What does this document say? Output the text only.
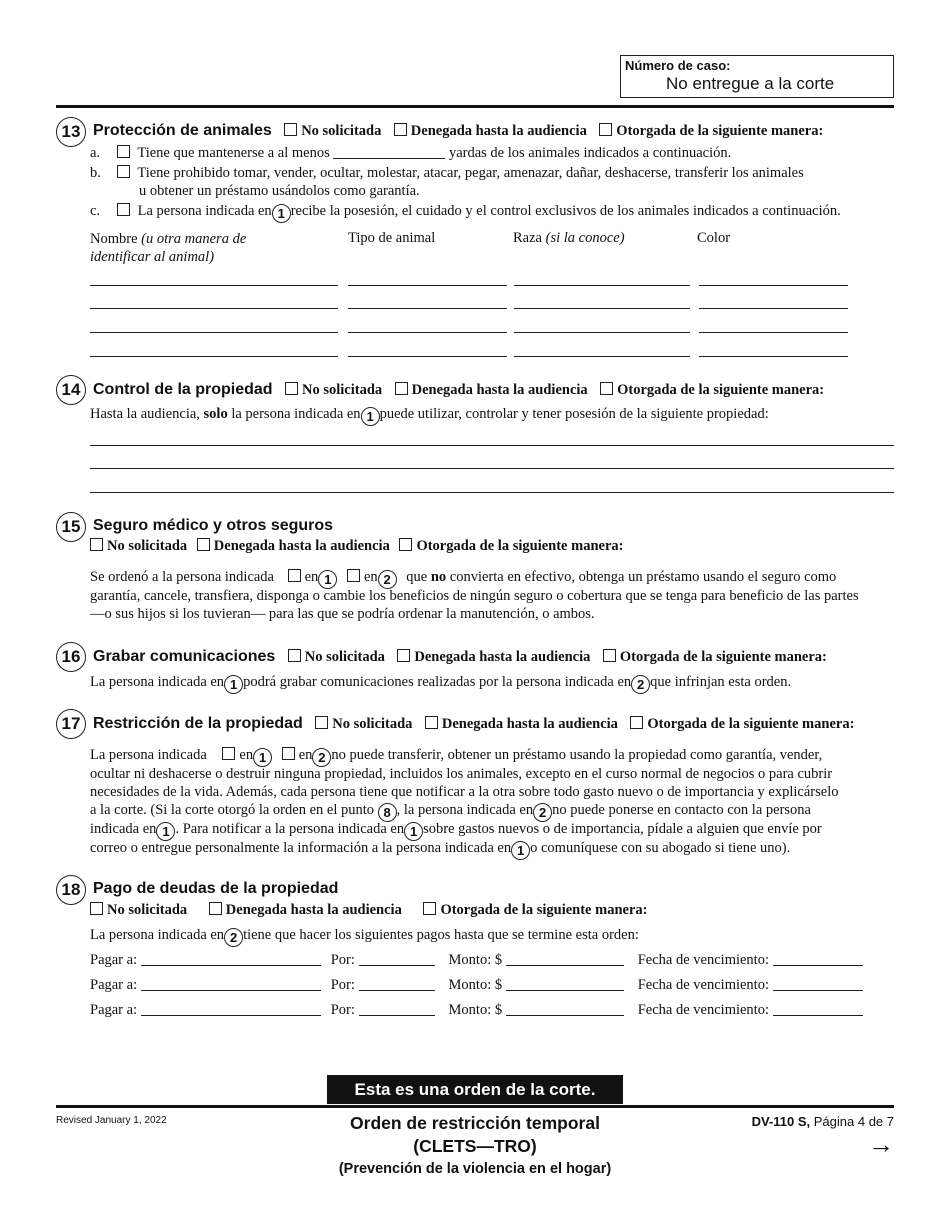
Número de caso:
No entregue a la corte
13 Protección de animales No solicitada Denegada hasta la audiencia Otorgada de la siguiente manera:
a.	Tiene que mantenerse a al menos	yardas de los animales indicados a continuación.
b.	Tiene prohibido tomar, vender, ocultar, molestar, atacar, pegar, amenazar, dañar, deshacerse, transferir los animales
u obtener un préstamo usándolos como garantía.
c.	La persona indicada en 1 recibe la posesión, el cuidado y el control exclusivos de los animales indicados a continuación.
Nombre (u otra manera de
identificar al animal)
Tipo de animal	Raza (si la conoce)	Color
14 Control de la propiedad No solicitada Denegada hasta la audiencia Otorgada de la siguiente manera:
Hasta la audiencia, solo la persona indicada en 1 puede utilizar, controlar y tener posesión de la siguiente propiedad:
15 Seguro médico y otros seguros
No solicitada Denegada hasta la audiencia Otorgada de la siguiente manera:
Se ordenó a la persona indicada en 1 en 2 que no convierta en efectivo, obtenga un préstamo usando el seguro como
garantía, cancele, transfiera, disponga o cambie los beneficios de ningún seguro o cobertura que se tenga para beneficio de las partes
—o sus hijos si los tuvieran— para las que se podría ordenar la manutención, o ambos.
16 Grabar comunicaciones No solicitada Denegada hasta la audiencia Otorgada de la siguiente manera:
La persona indicada en 1 podrá grabar comunicaciones realizadas por la persona indicada en 2 que infrinjan esta orden.
17 Restricción de la propiedad No solicitada Denegada hasta la audiencia Otorgada de la siguiente manera:
La persona indicada en 1 en 2 no puede transferir, obtener un préstamo usando la propiedad como garantía, vender,
ocultar ni deshacerse o destruir ninguna propiedad, incluidos los animales, excepto en el curso normal de negocios o para cubrir
necesidades de la vida. Además, cada persona tiene que notificar a la otra sobre todo gasto nuevo o de importancia y explicárselo
a la corte. (Si la corte otorgó la orden en el punto 8 , la persona indicada en 2 no puede ponerse en contacto con la persona
indicada en 1 . Para notificar a la persona indicada en 1 sobre gastos nuevos o de importancia, pídale a alguien que envíe por
correo o entregue personalmente la información a la persona indicada en 1 o comuníquese con su abogado si tiene uno).
18 Pago de deudas de la propiedad
No solicitada	Denegada hasta la audiencia	Otorgada de la siguiente manera:
La persona indicada en 2 tiene que hacer los siguientes pagos hasta que se termine esta orden:
Pagar a:	Por:	Monto: $	Fecha de vencimiento:
Pagar a:	Por:	Monto: $	Fecha de vencimiento:
Pagar a:	Por:	Monto: $	Fecha de vencimiento:
Esta es una orden de la corte.
Revised January 1, 2022	Orden de restricción temporal
(CLETS—TRO)
(Prevención de la violencia en el hogar)
DV-110 S, Página 4 de 7
→
